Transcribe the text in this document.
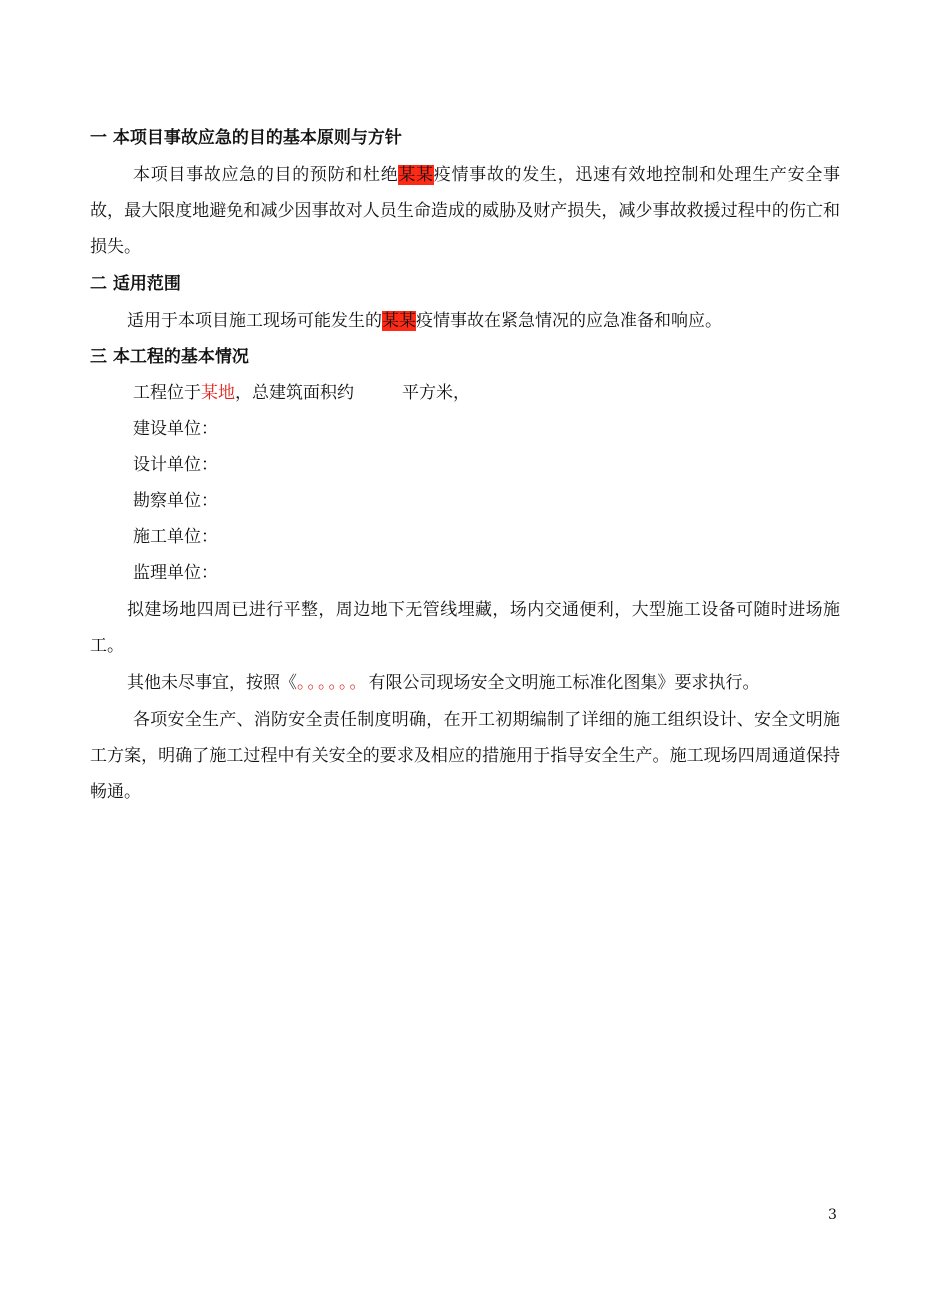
一 本项目事故应急的目的基本原则与方针
本项目事故应急的目的预防和杜绝某某疫情事故的发生，迅速有效地控制和处理生产安全事故，最大限度地避免和减少因事故对人员生命造成的威胁及财产损失，减少事故救援过程中的伤亡和损失。
二 适用范围
适用于本项目施工现场可能发生的某某疫情事故在紧急情况的应急准备和响应。
三 本工程的基本情况
工程位于某地，总建筑面积约	平方米，
建设单位：
设计单位：
勘察单位：
施工单位：
监理单位：
拟建场地四周已进行平整，周边地下无管线埋藏，场内交通便利，大型施工设备可随时进场施工。
其他未尽事宜，按照《。。。。。。有限公司现场安全文明施工标准化图集》要求执行。
各项安全生产、消防安全责任制度明确，在开工初期编制了详细的施工组织设计、安全文明施工方案，明确了施工过程中有关安全的要求及相应的措施用于指导安全生产。施工现场四周通道保持畅通。
3
